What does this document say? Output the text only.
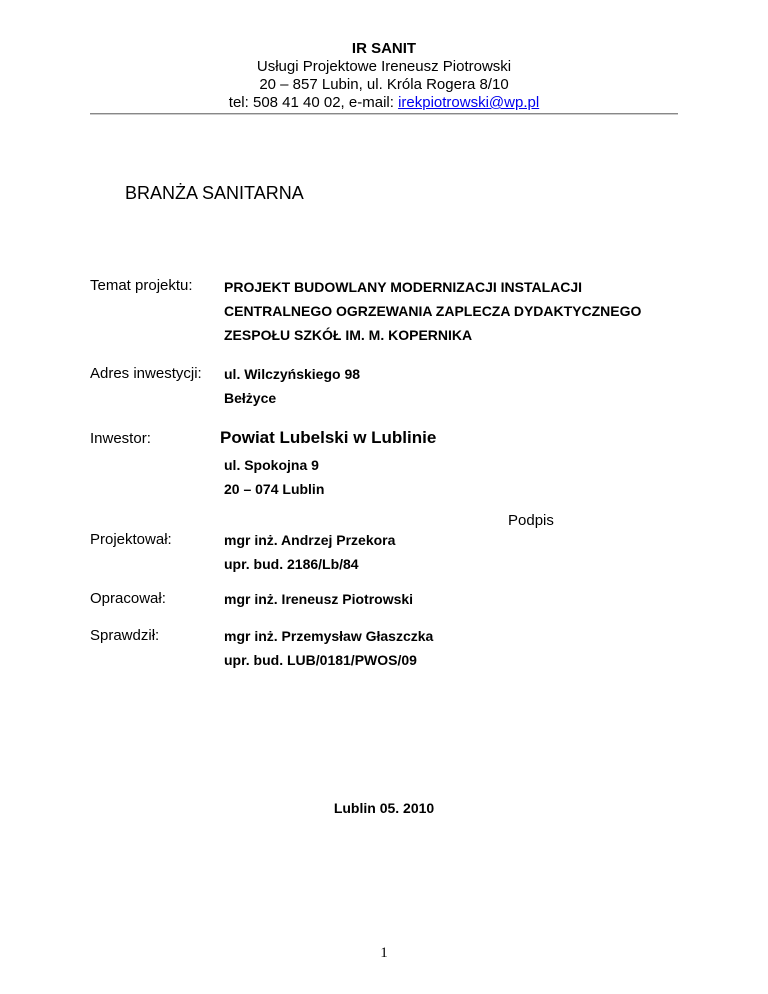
IR SANIT
Usługi Projektowe Ireneusz Piotrowski
20 – 857 Lubin, ul. Króla Rogera 8/10
tel: 508 41 40 02, e-mail: irekpiotrowski@wp.pl
BRANŻA SANITARNA
Temat projektu: PROJEKT BUDOWLANY MODERNIZACJI INSTALACJI
CENTRALNEGO OGRZEWANIA ZAPLECZA DYDAKTYCZNEGO
ZESPOŁU SZKÓŁ IM. M. KOPERNIKA
Adres inwestycji: ul. Wilczyńskiego 98
Bełżyce
Inwestor:	Powiat Lubelski w Lublinie
ul. Spokojna 9
20 – 074 Lublin
Podpis
Projektował:	mgr inż. Andrzej Przekora
upr. bud. 2186/Lb/84
Opracował:	mgr inż. Ireneusz Piotrowski
Sprawdził:	mgr inż. Przemysław Głaszczka
upr. bud. LUB/0181/PWOS/09
Lublin 05. 2010
1
